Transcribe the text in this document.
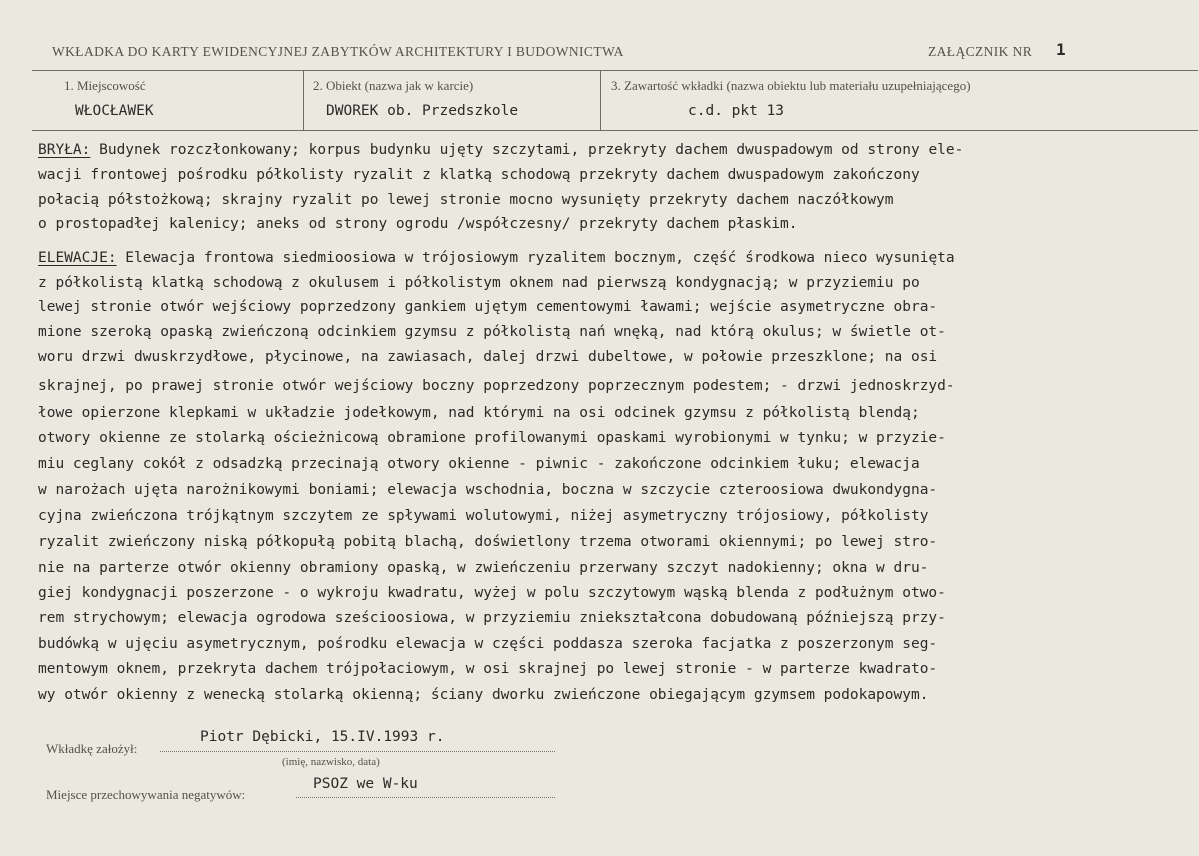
WKŁADKA DO KARTY EWIDENCYJNEJ ZABYTKÓW ARCHITEKTURY I BUDOWNICTWA	ZAŁĄCZNIK NR 1
1. Miejscowość
WŁOCŁAWEK
2. Obiekt (nazwa jak w karcie)
DWOREK ob. Przedszkole
3. Zawartość wkładki (nazwa obiektu lub materiału uzupełniającego)
c.d. pkt 13
BRYŁA: Budynek rozczłonkowany; korpus budynku ujęty szczytami, przekryty dachem dwuspadowym od strony ele-
wacji frontowej pośrodku półkolisty ryzalit z klatką schodową przekryty dachem dwuspadowym zakończony
połacią półstożkową; skrajny ryzalit po lewej stronie mocno wysunięty przekryty dachem naczółkowym
o prostopadłej kalenicy; aneks od strony ogrodu /współczesny/ przekryty dachem płaskim.
ELEWACJE: Elewacja frontowa siedmioosiowa w trójosiowym ryzalitem bocznym, część środkowa nieco wysunięta
z półkolistą klatką schodową z okulusem i półkolistym oknem nad pierwszą kondygnacją; w przyziemiu po
lewej stronie otwór wejściowy poprzedzony gankiem ujętym cementowymi ławami; wejście asymetryczne obra-
mione szeroką opaską zwieńczoną odcinkiem gzymsu z półkolistą nań wnęką, nad którą okulus; w świetle ot-
woru drzwi dwuskrzydłowe, płycinowe, na zawiasach, dalej drzwi dubeltowe, w połowie przeszklone; na osi
skrajnej, po prawej stronie otwór wejściowy boczny poprzedzony poprzecznym podestem; - drzwi jednoskrzyd-
łowe opierzone klepkami w układzie jodełkowym, nad którymi na osi odcinek gzymsu z półkolistą blendą;
otwory okienne ze stolarką ościeżnicową obramione profilowanymi opaskami wyrobionymi w tynku; w przyzie-
miu ceglany cokół z odsadzką przecinają otwory okienne - piwnic - zakończone odcinkiem łuku; elewacja
w narożach ujęta narożnikowymi boniami; elewacja wschodnia, boczna w szczycie czteroosiowa dwukondygna-
cyjna zwieńczona trójkątnym szczytem ze spływami wolutowymi, niżej asymetryczny trójosiowy, półkolisty
ryzalit zwieńczony niską półkopułą pobitą blachą, doświetlony trzema otworami okiennymi; po lewej stro-
nie na parterze otwór okienny obramiony opaską, w zwieńczeniu przerwany szczyt nadokienny; okna w dru-
giej kondygnacji poszerzone - o wykroju kwadratu, wyżej w polu szczytowym wąską blenda z podłużnym otwo-
rem strychowym; elewacja ogrodowa sześcioosiowa, w przyziemiu zniekształcona dobudowaną późniejszą przy-
budówką w ujęciu asymetrycznym, pośrodku elewacja w części poddasza szeroka facjatka z poszerzonym seg-
mentowym oknem, przekryta dachem trójpołaciowym, w osi skrajnej po lewej stronie - w parterze kwadrato-
wy otwór okienny z wenecką stolarką okienną; ściany dworku zwieńczone obiegającym gzymsem podokapowym.
Wkładkę założył:
Piotr Dębicki, 15.IV.1993 r.
(imię, nazwisko, data)
Miejsce przechowywania negatywów:
PSOZ we W-ku
